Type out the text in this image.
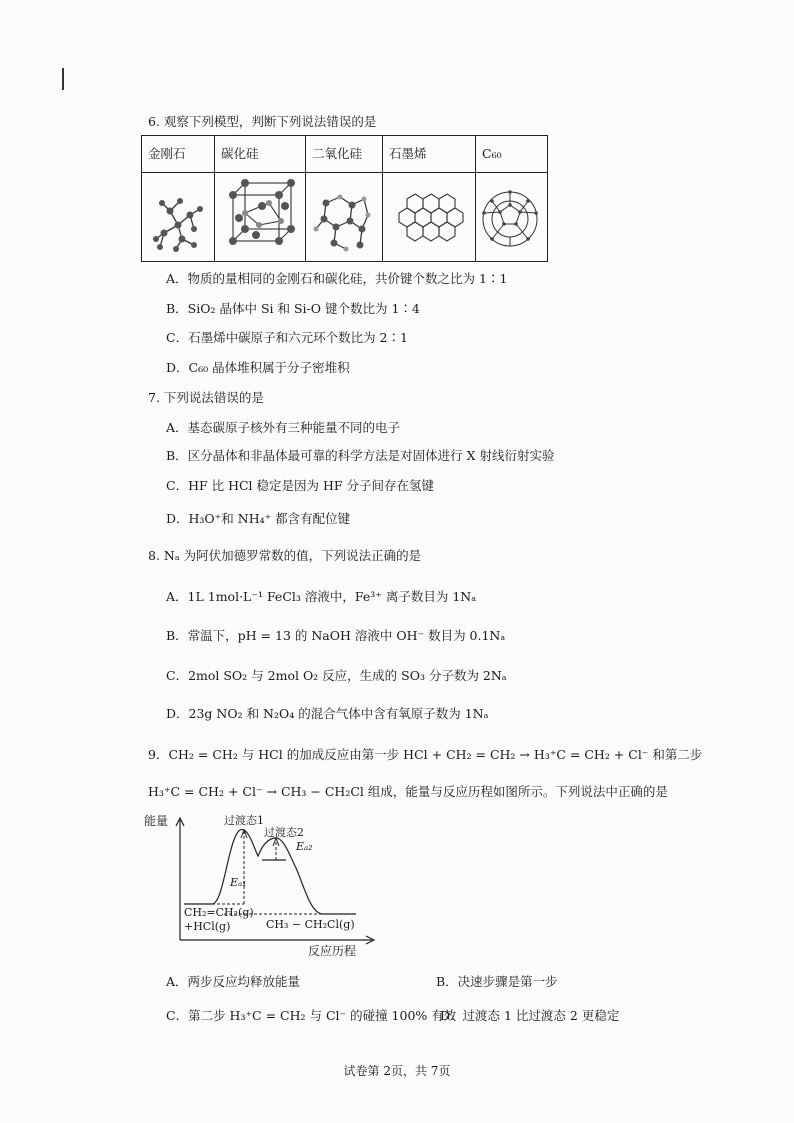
6. 观察下列模型，判断下列说法错误的是
金刚石	碳化硅	二氧化硅	石墨烯	C₆₀

A．物质的量相同的金刚石和碳化硅，共价键个数之比为 1∶1
B．SiO₂ 晶体中 Si 和 Si-O 键个数比为 1∶4
C．石墨烯中碳原子和六元环个数比为 2∶1
D．C₆₀ 晶体堆积属于分子密堆积
7. 下列说法错误的是
A．基态碳原子核外有三种能量不同的电子
B．区分晶体和非晶体最可靠的科学方法是对固体进行 X 射线衍射实验
C．HF 比 HCl 稳定是因为 HF 分子间存在氢键
D．H₃O⁺和 NH₄⁺ 都含有配位键
8. Nₐ 为阿伏加德罗常数的值，下列说法正确的是
A．1L 1mol·L⁻¹ FeCl₃ 溶液中，Fe³⁺ 离子数目为 1Nₐ
B．常温下，pH = 13 的 NaOH 溶液中 OH⁻ 数目为 0.1Nₐ
C．2mol SO₂ 与 2mol O₂ 反应，生成的 SO₃ 分子数为 2Nₐ
D．23g NO₂ 和 N₂O₄ 的混合气体中含有氧原子数为 1Nₐ
9．CH₂ = CH₂ 与 HCl 的加成反应由第一步 HCl + CH₂ = CH₂ → H₃⁺C = CH₂ + Cl⁻ 和第二步
H₃⁺C = CH₂ + Cl⁻ → CH₃ − CH₂Cl 组成，能量与反应历程如图所示。下列说法中正确的是
能量	过渡态1
过渡态2
Eₐ₂
Eₐ₁
CH₂=CH₂(g)
+HCl(g)	CH₃ − CH₂Cl(g)
反应历程
A．两步反应均释放能量	B．决速步骤是第一步
C．第二步 H₃⁺C = CH₂ 与 Cl⁻ 的碰撞 100% 有效
D．过渡态 1 比过渡态 2 更稳定
试卷第 2页，共 7页
